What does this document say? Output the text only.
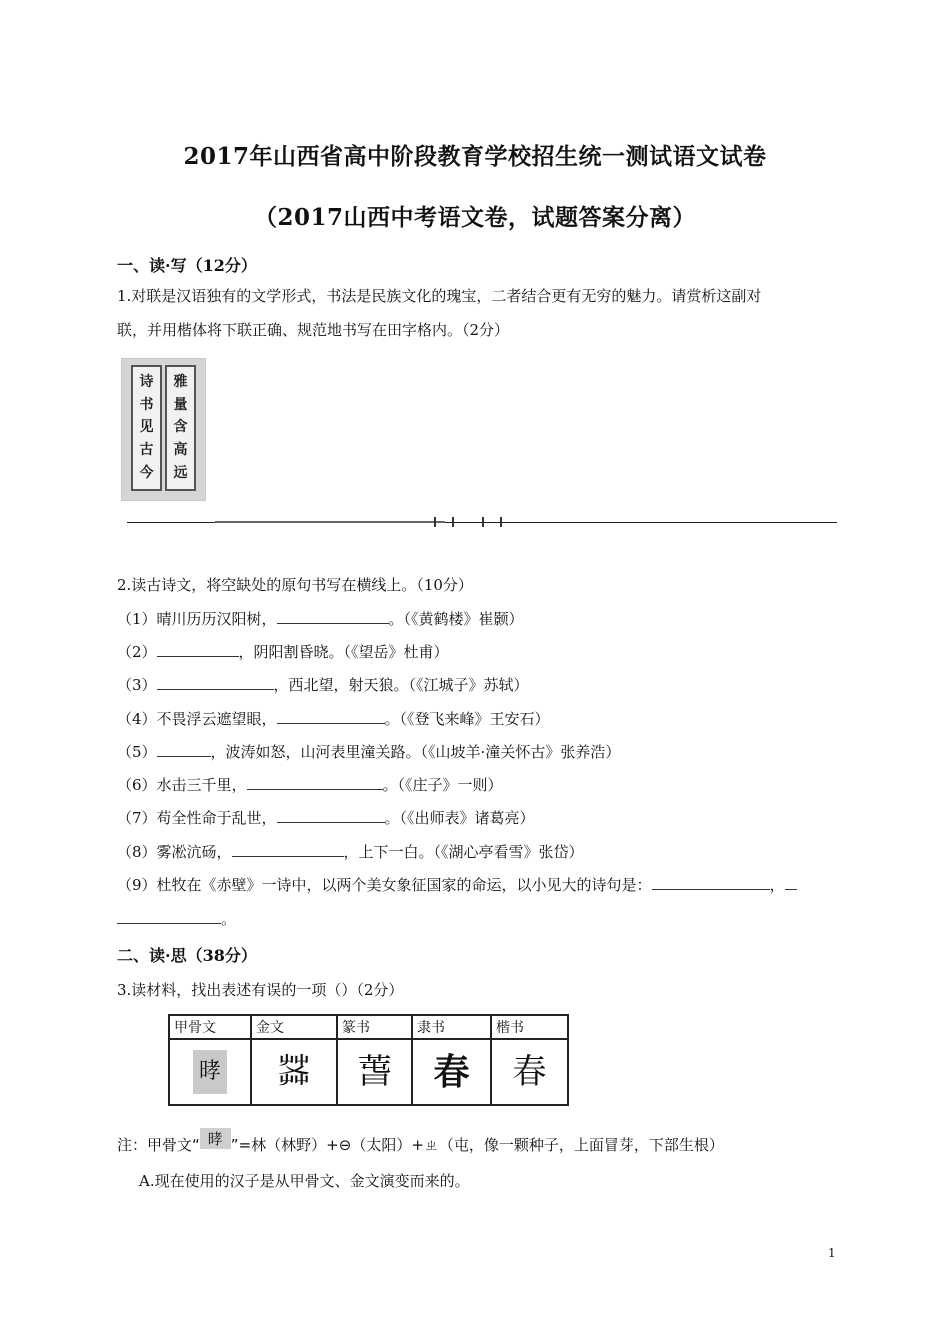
2017年山西省高中阶段教育学校招生统一测试语文试卷
（2017山西中考语文卷，试题答案分离）
一、读·写（12分）
1.对联是汉语独有的文学形式，书法是民族文化的瑰宝，二者结合更有无穷的魅力。请赏析这副对
联，并用楷体将下联正确、规范地书写在田字格内。（2分）
诗
书
见
古
今
雅
量
含
高
远
2.读古诗文，将空缺处的原句书写在横线上。（10分）
（1）晴川历历汉阳树，	。（《黄鹤楼》崔颢）
（2）	，阴阳割昏晓。（《望岳》杜甫）
（3）	，西北望，射天狼。（《江城子》苏轼）
（4）不畏浮云遮望眼，	。（《登飞来峰》王安石）
（5）	，波涛如怒，山河表里潼关路。（《山坡羊·潼关怀古》张养浩）
（6）水击三千里，	。（《庄子》一则）
（7）苟全性命于乱世，	。（《出师表》诸葛亮）
（8）雾凇沆砀，	，上下一白。（《湖心亭看雪》张岱）
（9）杜牧在《赤壁》一诗中，以两个美女象征国家的命运，以小见大的诗句是：	，
。
二、读·思（38分）
3.读材料，找出表述有误的一项（）（2分）
甲骨文	金文	篆书	隶书	楷书
㫴	𦱹	萅	春	春
注：甲骨文“ 㫴 ”=林（林野）+⊖（太阳）+ㄓ（屯，像一颗种子，上面冒芽，下部生根）
A.现在使用的汉子是从甲骨文、金文演变而来的。
1
